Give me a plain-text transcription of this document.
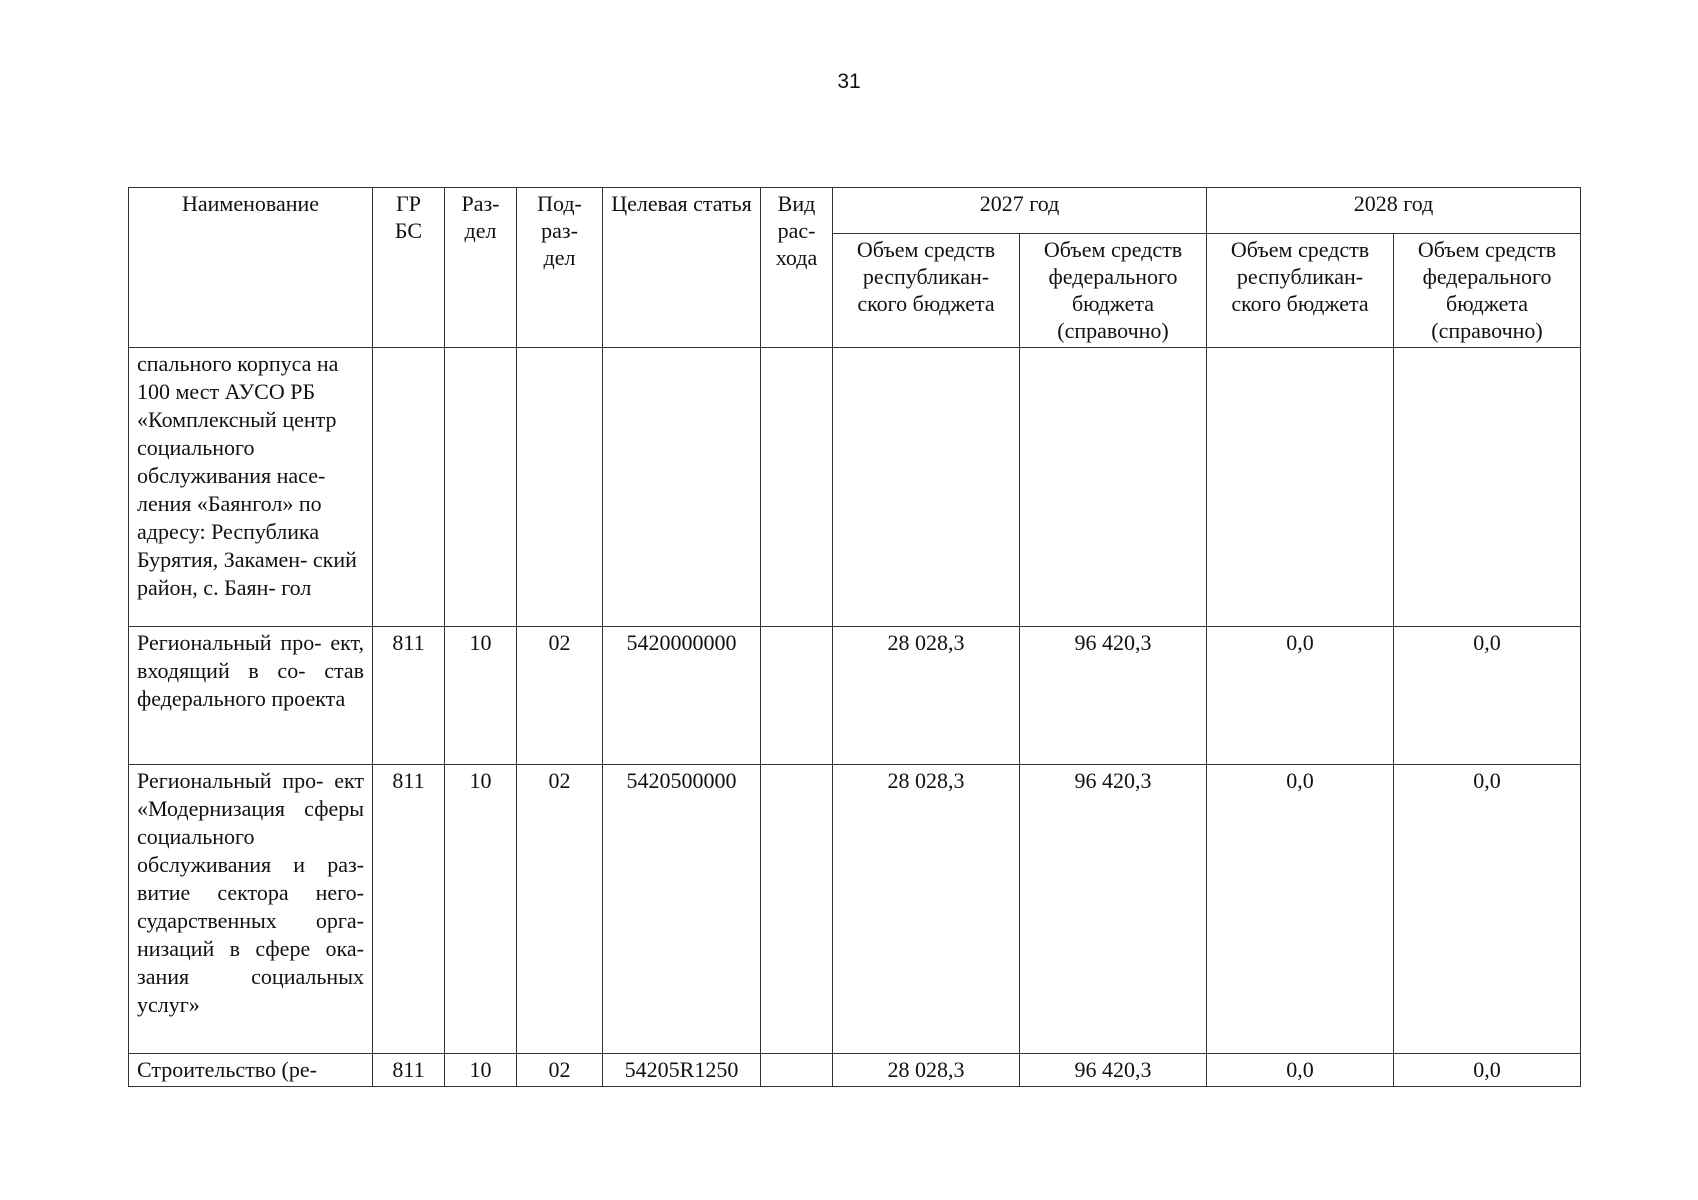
31
Наименование	ГР БС	Раз- дел	Под- раз- дел	Целевая статья	Вид рас- хода	2027 год		2028 год	
						Объем средств республикан- ского бюджета	Объем средств федерального бюджета (справочно)	Объем средств республикан- ского бюджета	Объем средств федерального бюджета (справочно)
спального корпуса на 100 мест АУСО РБ «Комплексный центр социального обслуживания насе- ления «Баянгол» по адресу: Республика Бурятия, Закамен- ский район, с. Баян- гол									
Региональный про- ект, входящий в со- став федерального проекта	811	10	02	5420000000		28 028,3	96 420,3	0,0	0,0
Региональный про- ект «Модернизация сферы социального обслуживания и раз- витие сектора него- сударственных орга- низаций в сфере ока- зания социальных услуг»	811	10	02	5420500000		28 028,3	96 420,3	0,0	0,0
Строительство (ре-	811	10	02	54205R1250		28 028,3	96 420,3	0,0	0,0
